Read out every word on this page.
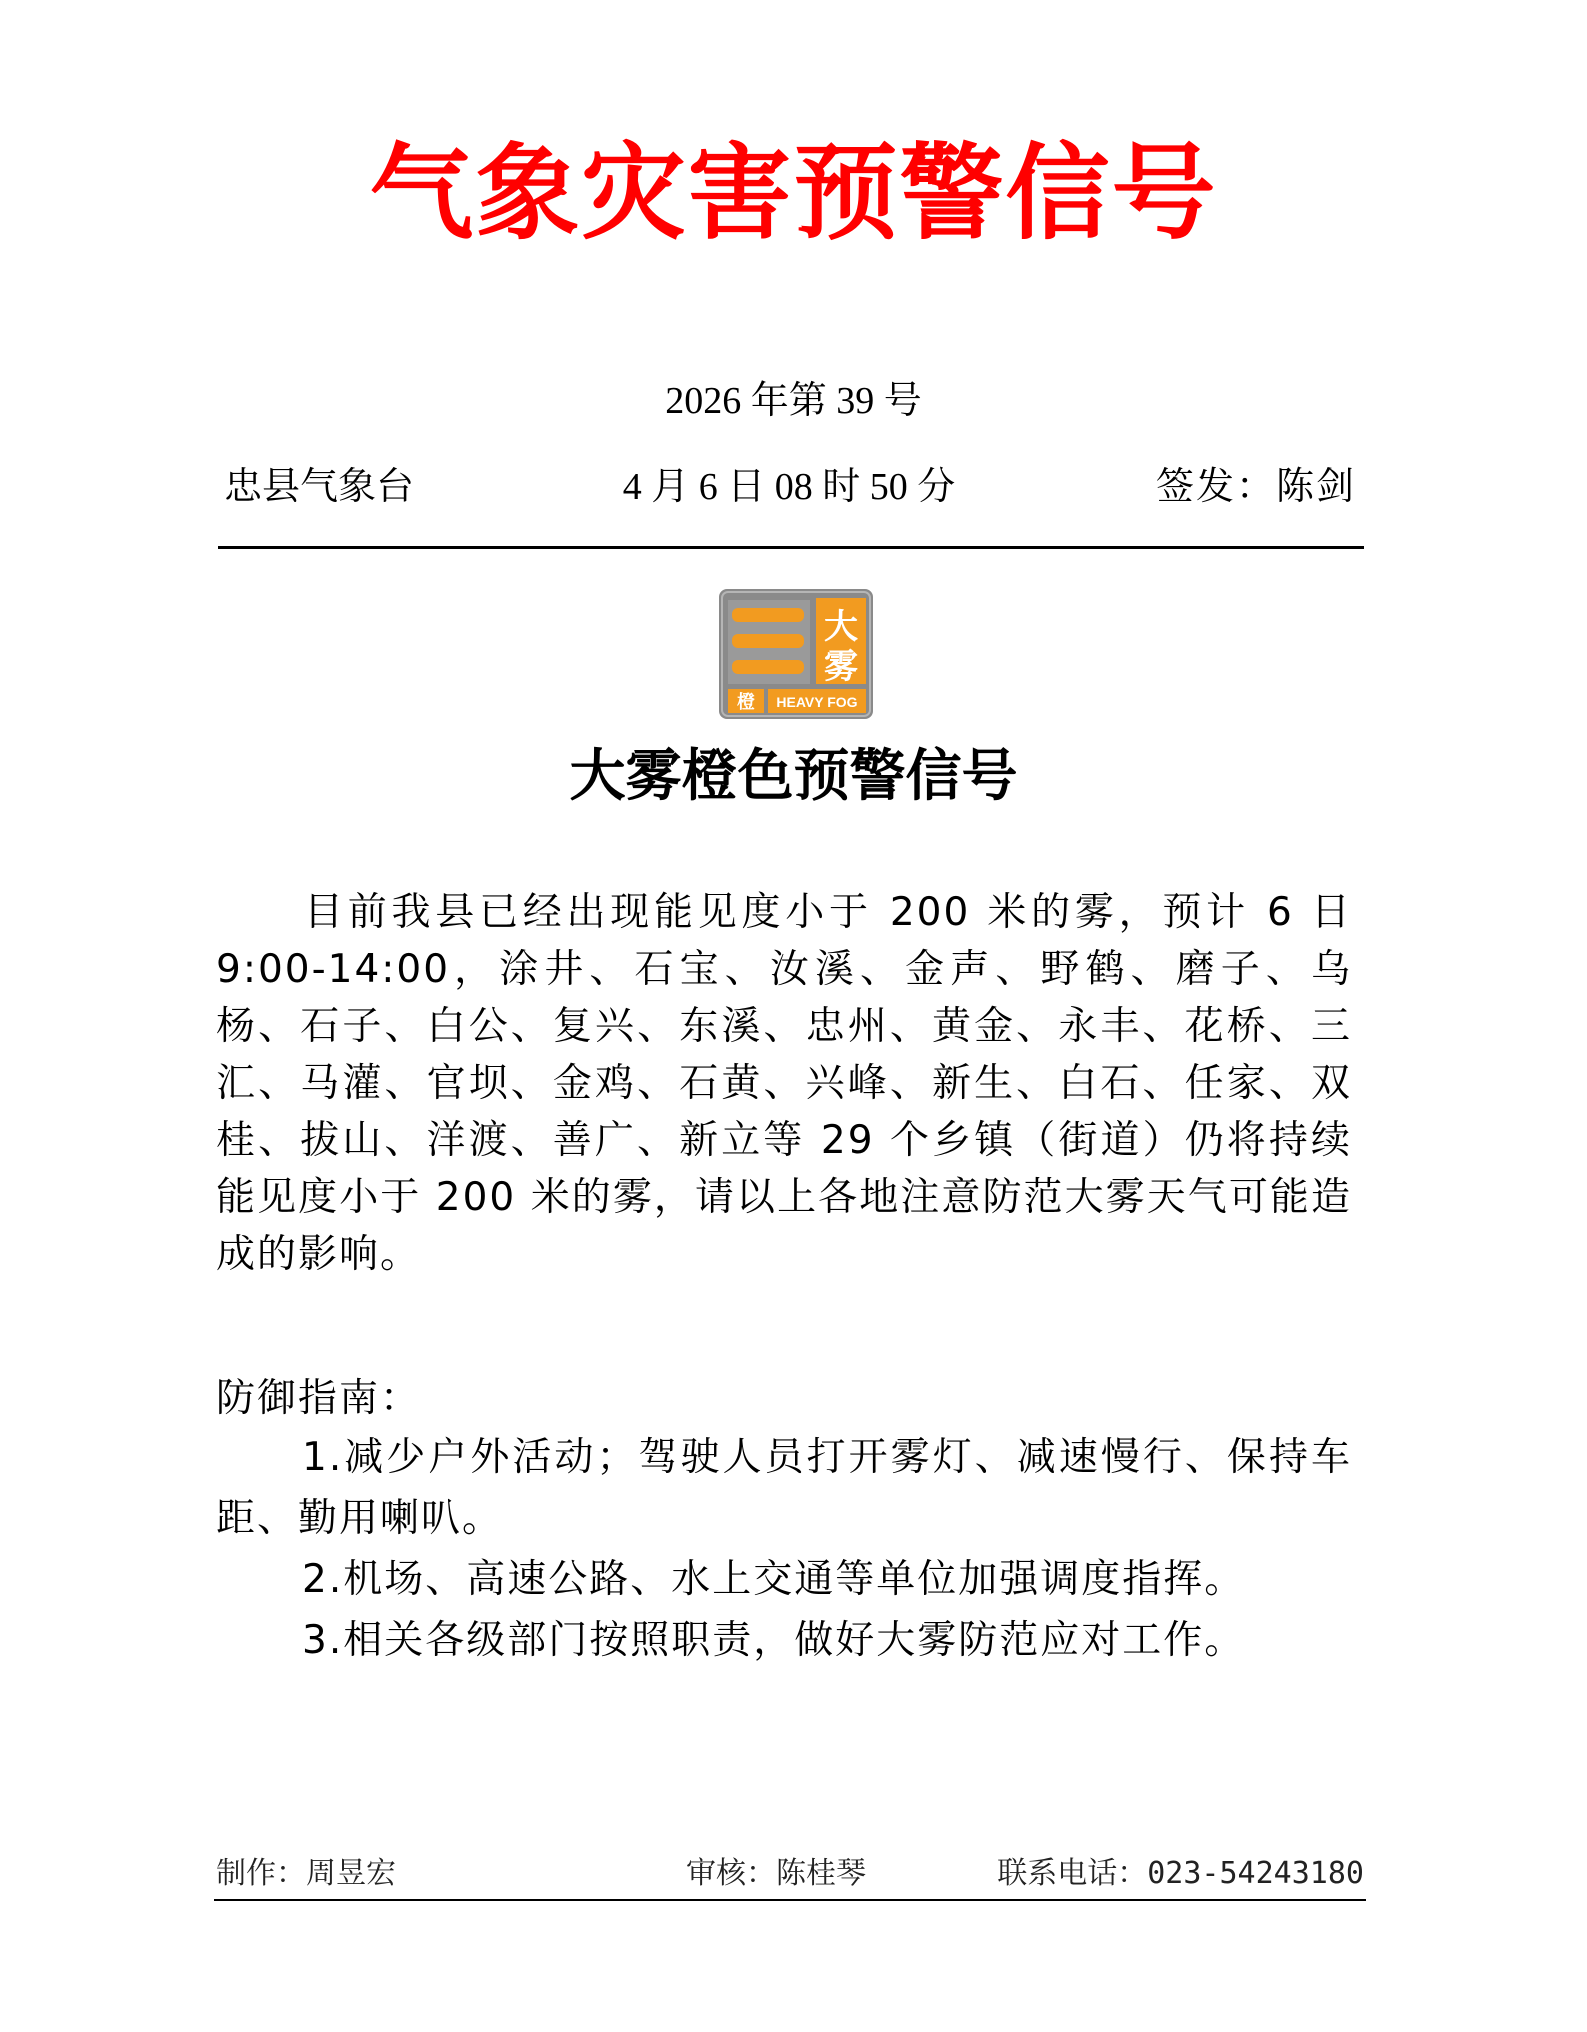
气象灾害预警信号
2026 年第 39 号
忠县气象台	4 月 6 日 08 时 50 分	签发：陈剑
大
雾
橙 HEAVY FOG
大雾橙色预警信号

目前我县已经出现能见度小于 200 米的雾，预计 6 日 9:00-14:00，涂井、石宝、汝溪、金声、野鹤、磨子、乌杨、石子、白公、复兴、东溪、忠州、黄金、永丰、花桥、三汇、马灌、官坝、金鸡、石黄、兴峰、新生、白石、任家、双桂、拔山、洋渡、善广、新立等 29 个乡镇（街道）仍将持续能见度小于 200 米的雾，请以上各地注意防范大雾天气可能造成的影响。

防御指南：
1.减少户外活动；驾驶人员打开雾灯、减速慢行、保持车距、勤用喇叭。
2.机场、高速公路、水上交通等单位加强调度指挥。
3.相关各级部门按照职责，做好大雾防范应对工作。
制作：周昱宏	审核：陈桂琴	联系电话：023-54243180
